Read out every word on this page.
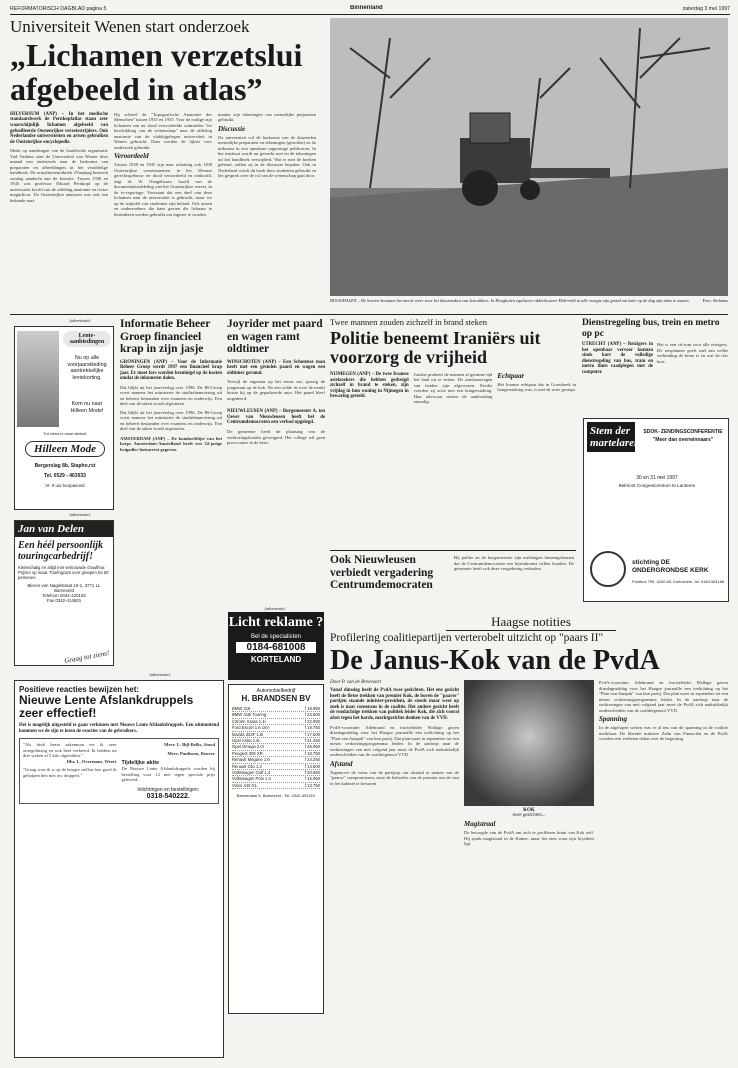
REFORMATORISCH DAGBLAD pagina 5	Binnenland	zaterdag 3 mei 1997
Universiteit Wenen start onderzoek
„Lichamen verzetslui afgebeeld in atlas”
HILVERSUM (ANP) – In het medische standaardwerk de Pernkopfatlas staan zeer waarschijnlijk lichamen afgebeeld van gefusilleerde Oostenrijkse verzetsstrijders. Ook Nederlandse universiteiten en artsen gebruiken de Oostenrijkse encyclopedie.
Mede op aandringen van de Israëlische organisatie Yad Vashem start de Universiteit van Wenen deze maand een onderzoek naar de herkomst van preparaten en afbeeldingen in het verafdelige handboek. De actualiteitenrubriek 2Vandaag besteedt zondag aandacht aan de kwestie. Tussen 1938 en 1945 was professor Eduard Pernkopf op de universiteit hoofd van de afdeling anatomie en rector magnificus. De Oostenrijkse anatoom was ook een bekende nazi.
Hij schreef de "Topografische Anatomie des Menschen" tussen 1935 en 1955. Voor de nodige zijn lichamen van ter dood veroordeelde criminelen "ter beschikking van de wetenschap" naar de afdeling anatomie van de vlakbijgelegen universiteit in Wenen gebracht. Daar werden de lijken voor onderzoek gebruikt.
Veroordeeld
Tussen 1938 en 1945 zijn naar schatting ook 1100 Oostenrijkse verzetsmensen in het Weense gerechtsgebouw ter dood veroordeeld en onthoofd, zegt dr. W. Neugebauer, hoofd van de documentatieafdeling van het Oostenrijkse verzet, in de tv-reportage. Voorstaat dat een deel van deze lichamen naar de universiteit is gebracht, maar we op de snijtafel van studenten zijn beland. Ook artsen en onderzoekers die kans gezien die lichaam te bestuderen werden gebruikt om ingezet te worden.
manier zijn tekeningen van menselijke preparaten gebruikt.
Discussie
De universiteit wil de herkomst van de duizenden menselijke preparaten en tekeningen (gestolen) en de uitkomst in een openbare rapportage publiceren. In het instituut wordt nu gewerkt met en de tekeningen uit het handboek verwijderd. Wat er met de boeken gebeurt, zullen zij in de discussie bepalen. Ook in Nederland wordt dit boek door studenten gebruikt en het gesprek over de rol van de wetenschap gaat door.
HOOGHALEN – De boeren benutten het mooie weer voor het klaarmaken van hun akkers. In Hooghalen egaliseert akkerbouwer Elderveld in alle vroegte zijn grond om later op de dag zijn mais te zaaien.	Foto: Stefanus
(advertentie)
Lente-
aanbiedingen
Nu op alle voorjaarskleding aantrekkelijke lentekorting.
Kom nu naar Hilleen Mode!
Tot ziens in onze winkel!
Hilleen Mode
Bergerslag 8b, Stapho,rst
Tel. 0529 - 463933
Vr. 9 uur koopavond
(advertentie)
Jan van Delen
Een héél persoonlijk touringcarbedrijf!
Kleinschalig en altijd met vertrouwde chauffeur. Prijzen op maat. Touringcars voor groepen tot 50 personen.
Bleron van Nagelstraat 10-1, 3771 LL Barneveld
Telefoon 0342-420192
Fax 0342-414801
Graag tot ziens!
Informatie Beheer Groep financieel krap in zijn jasje
GRONINGEN (ANP) – Voor de Informatie Beheer Groep wordt 1997 een financieel krap jaar. Er moet fors worden bezuinigd op de kosten omdat de inkomsten dalen.
Dat blijkt uit het jaarverslag over 1996. De IB-Groep voert namens het ministerie de studiefinanciering uit en beheert bestanden over examens en onderwijs. Een deel van de taken wordt afgestoten.
Dat blijkt uit het jaarverslag over 1996. De IB-Groep voert namens het ministerie de studiefinanciering uit en beheert bestanden over examens en onderwijs. Een deel van de taken wordt afgestoten.
AMSTERDAM (ANP) – De komfortblijst van het korps Amsterdam-Amstelland heeft een 34-jarige brigadier huisarrest gegeven.
Joyrider met paard en wagen ramt oldtimer
WINSCHOTEN (ANP) – Een Schotense man heeft met een gestolen paard en wagen een oldtimer geramd.
Terwijl de eigenaar op het terras zat, sprong de jongeman op de bok. Na een wilde rit over de markt botste hij op de geparkeerde auto. Het paard bleef ongedeerd.
NIEUWLEUSEN (ANP) – Burgemeester A. ten Oever van Nieuwleusen heeft bel de Centrumdemocraten een verbod opgelegd.
De gemeente heeft de plaatsing van de verkiezingsborden geweigerd. Het college wil geen provocaties in de kern.
(advertentie)
Licht reklame ?
Bel de specialisten
0184-681008
KORTELAND
Twee mannen zouden zichzelf in brand steken
Politie beneemt Iraniërs uit voorzorg de vrijheid
NIJMEGEN (ANP) – De twee Iraanse asielzoekers die hebben gedreigd zichzelf in brand te steken, zijn vrijdag in hun woning in Nijmegen in bewaring gesteld.
Justitie probeert de mannen al geruime tijd het land uit te zetten. De asielaanvragen van beiden zijn afgewezen. Eerder voerden zij actie met een hongerstaking. Hun advocaat noemt de aanhouding onnodig.
Echtpaar
Het Iraanse echtpaar dat in Groesbeek in hongerstaking was, is met de actie gestopt.
Ook Nieuwleusen verbiedt vergadering Centrumdemocraten
Bij politie en de burgemeester zijn meldingen binnengekomen dat de Centrumdemocraten een bijeenkomst willen houden. De gemeente heeft ook deze vergadering verboden.
Dienstregeling bus, trein en metro op pc
UTRECHT (ANP) – Reizigers in het openbaar vervoer kunnen sinds kort de volledige dienstregeling van bus, tram en metro thuis raadplegen met de computer.
Het is een cd-rom voor alle reizigers. De reisplanner geeft snel aan welke verbinding de beste is en wat de reis kost.
Stem der martelaren
SDOK- ZENDINGSCONFERENTIE
"Meer dan overwinnaars"
30 en 31 mei 1997
Belmont Congrescentrum te Lanteren
stichting DE ONDERGRONDSE KERK
Postbus 795, 4200 AS Gorinchem, tel. 0183-581166
Haagse notities
Profilering coalitiepartijen verterobelt uitzicht op "paars II"
De Janus-Kok van de PvdA
Door P. van de Breevaart
Vanaf dinsdag heeft de PvdA twee gezichten. Het ene gezicht heeft de fletse trekken van premier Kok, de boven de "paarse" partijen staande minister-president, de steeds maar weer op zoek is naar consensus in de coalitie. Het andere gezicht heeft de roodachtige trekken van politiek leider Kok, die zich vooral afzet tegen het harde, marktgerichte denken van de VVD.
PvdA-voorzitter Adelmund en fractieleider Wallage gaven dinsdagmiddag voor het Haagse journaille een toelichting op het "Plan van Aanpak" van hun partij. Dat plan moet in september tot een nieuw verkiezingsprogramma leiden. In de aanloop naar de verkiezingen van mei volgend jaar moet de PvdA zich nadrukkelijk onderscheiden van de coalitiegenoot VVD.
Afstand
Tegenover de wens van de partijtop om afstand te nemen van de "paarse" compromissen, staat de behoefte van de premier om de rust in het kabinet te bewaren.
KOK
twee gezichten...
Magistraal
De betoogde van de PvdA om zich te profileren komt van Kok zelf. Hij sprak magistraal in de Kamer, maar liet zien waar zijn loyaliteit ligt.
PvdA-voorzitter Adelmund en fractieleider Wallage gaven dinsdagmiddag voor het Haagse journaille een toelichting op het "Plan van Aanpak" van hun partij. Dat plan moet in september tot een nieuw verkiezingsprogramma leiden. In de aanloop naar de verkiezingen van mei volgend jaar moet de PvdA zich nadrukkelijk onderscheiden van de coalitiegenoot VVD.
Spanning
In de afgelopen weken was er al iets van de spanning in de coalitie merkbaar. De liberale minister Zalm van Financiën en de PvdA voerden een verbeten debat over de begroting.
(advertentie)
Positieve reacties bewijzen het:
Nieuwe Lente Afslankdruppels zeer effectief!
Het is mogelijk uitgesteld te gaan verkiezen met Nieuwe Lente Afslankdruppels. Een uitmuntend kommen we de zijn te lezen de reacties van de gebruikers.
"Als druk bezet zakenman eet ik zeer onregelmatig en ook heel verkeerd. Ik hebben na drie weken al 5 kilo afgevallen."
Dhr. L. Overmans, Weert
"Graag wou ik u op de hoogte stellen hoe goed ik geholpen ben met uw druppels."
Mevr. L. Bijl-Belks, Staxd
Mevr. Paulissen, Reuver
Tijdelijke aktie
De Nieuwe Lente Afslankdruppels worden bij bestelling voor 12 mei tegen speciale prijs geleverd.
Inlichtingen en bestellingen:
0318-540222.
Automobielbedrijf
H. BRANDSEN BV
BMW 316	f 18.950
BMW 318i Touring	f 23.500
Citroën Xsara 1.4i	f 22.950
Ford Escort 1.6 16V	f 19.750
Mazda 323F 1.5i	f 17.500
Opel Astra 1.6i	f 21.450
Opel Omega 2.0i	f 26.950
Peugeot 306 XR	f 18.750
Renault Mégane 1.6	f 24.250
Renault Clio 1.2	f 14.500
Volkswagen Golf 1.4	f 20.950
Volkswagen Polo 1.4	f 15.950
Volvo 440 GL	f 13.750
Bannerlaan 5, Barneveld - Tel. 0342-491310
